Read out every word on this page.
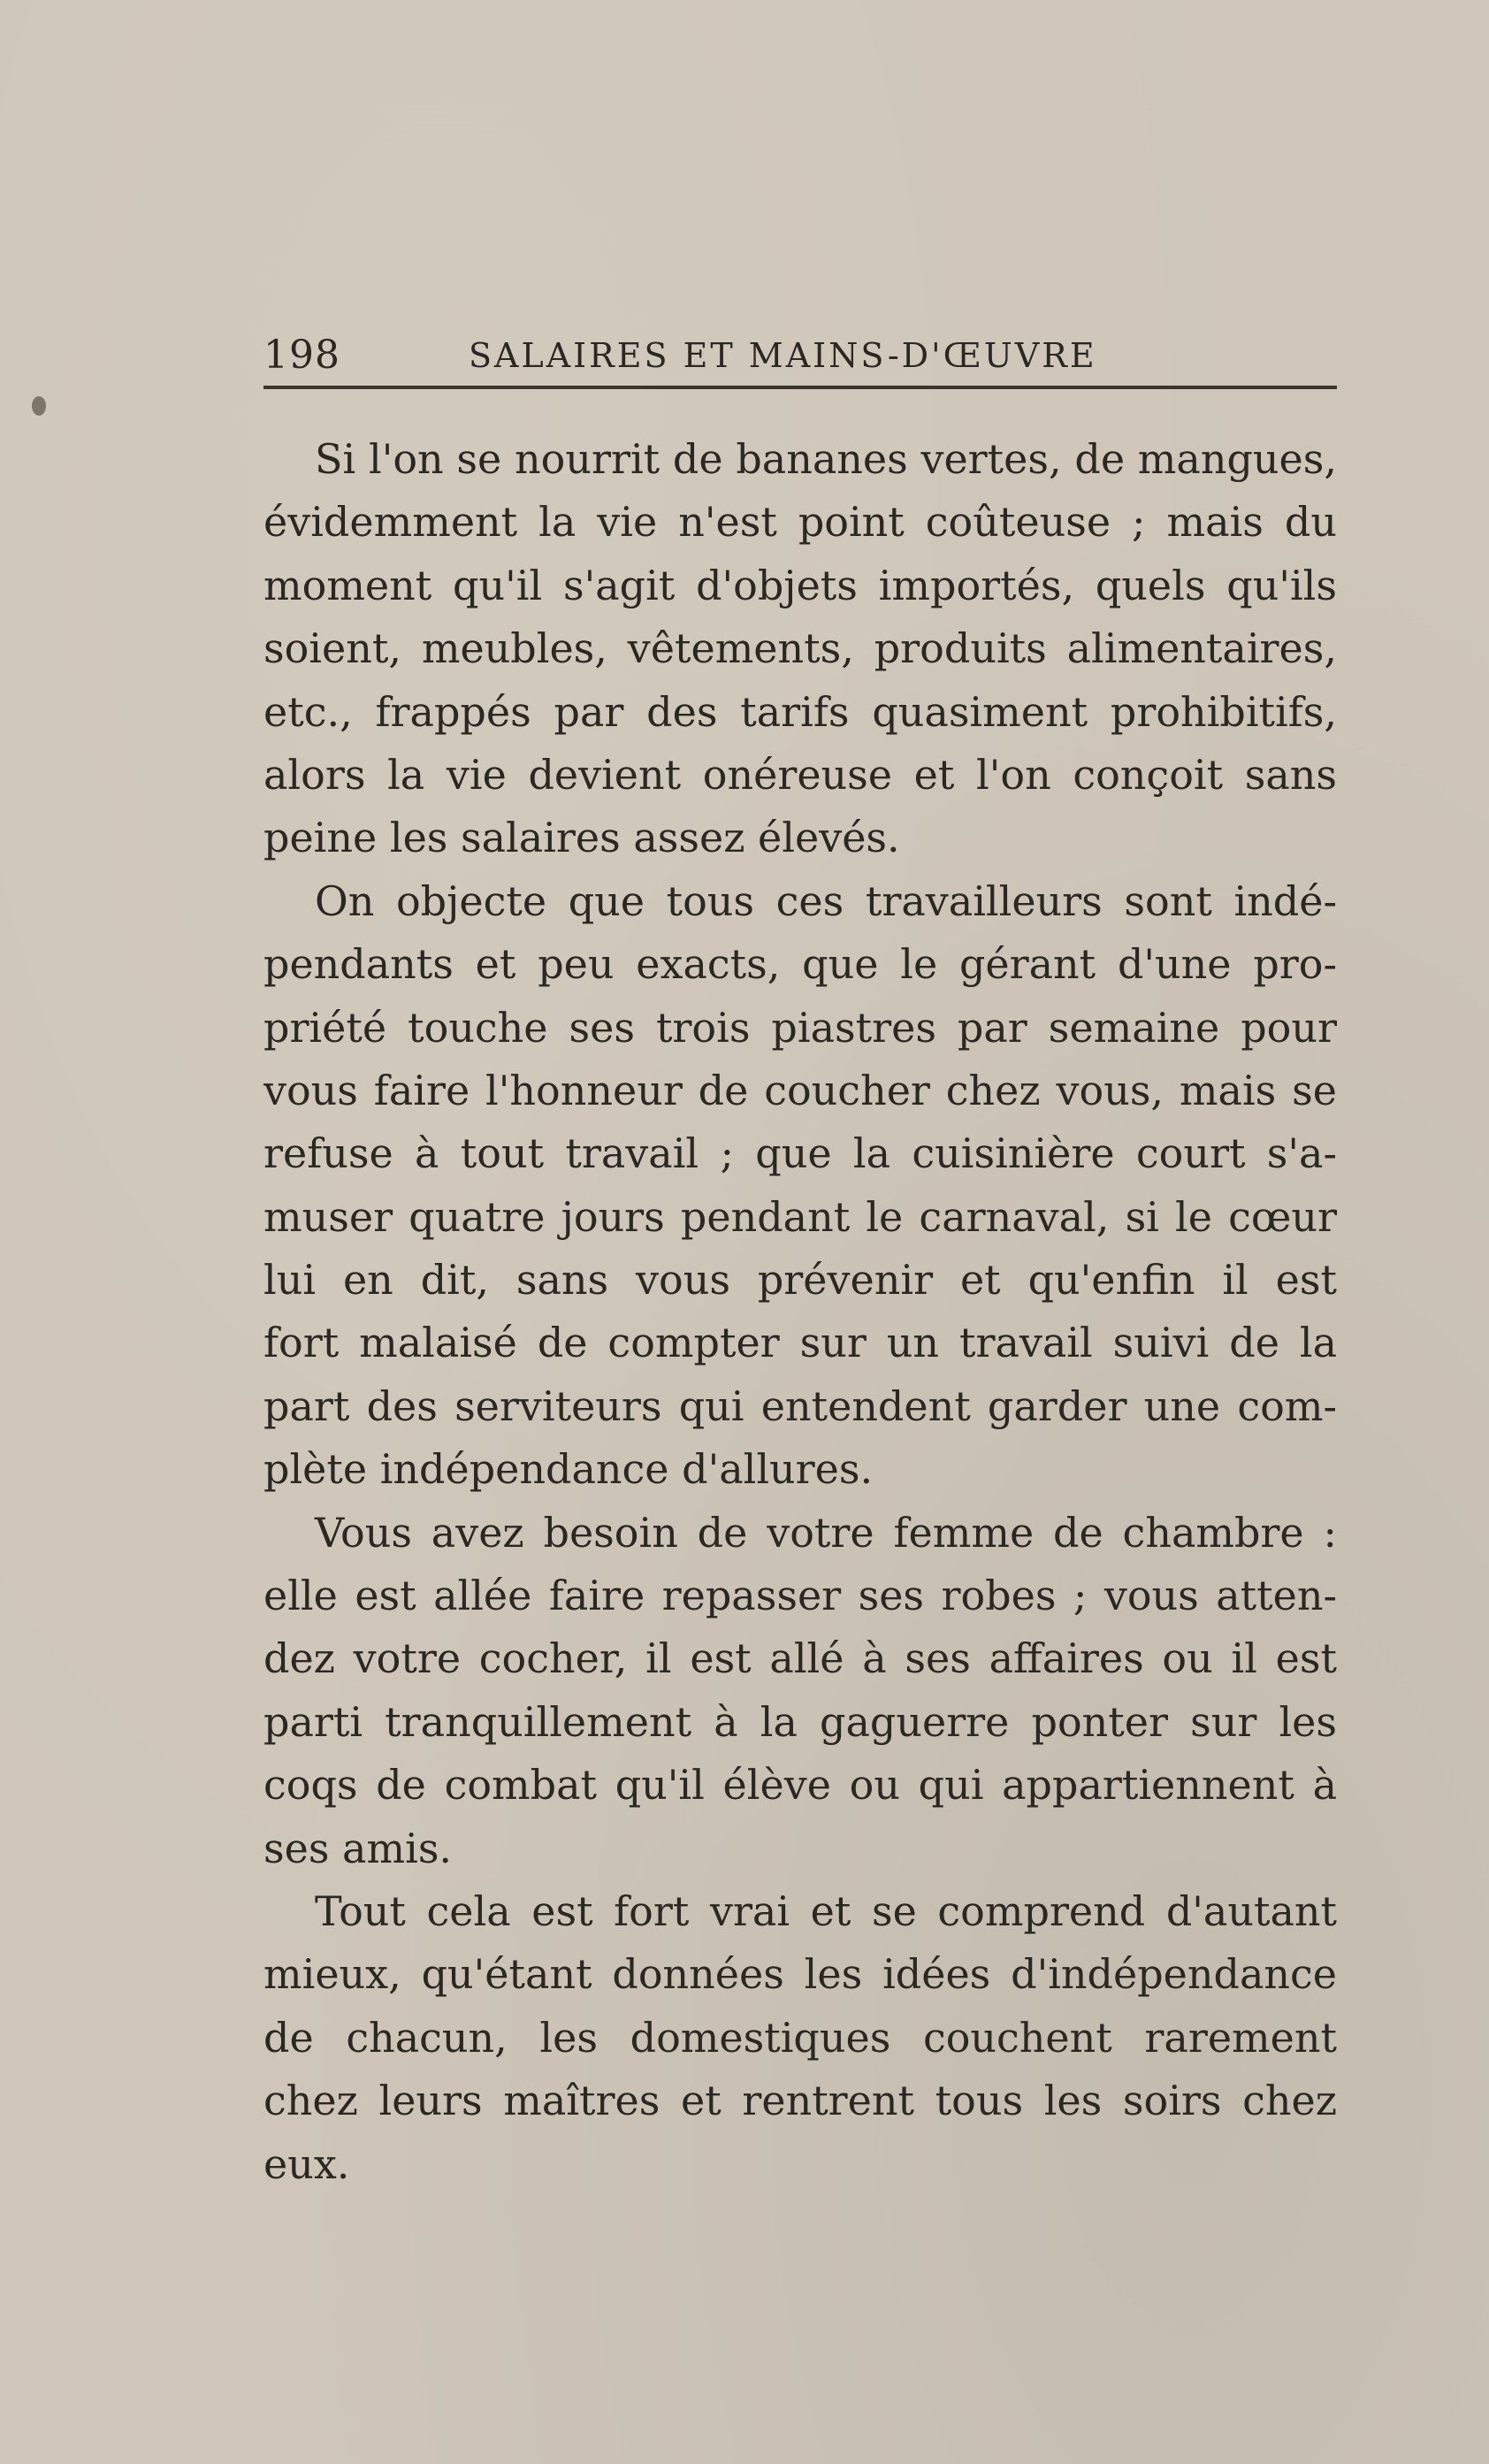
198	SALAIRES ET MAINS-D'ŒUVRE
Si l'on se nourrit de bananes vertes, de mangues,
évidemment la vie n'est point coûteuse ; mais du
moment qu'il s'agit d'objets importés, quels qu'ils
soient, meubles, vêtements, produits alimentaires,
etc., frappés par des tarifs quasiment prohibitifs,
alors la vie devient onéreuse et l'on conçoit sans
peine les salaires assez élevés.
On objecte que tous ces travailleurs sont indé-
pendants et peu exacts, que le gérant d'une pro-
priété touche ses trois piastres par semaine pour
vous faire l'honneur de coucher chez vous, mais se
refuse à tout travail ; que la cuisinière court s'a-
muser quatre jours pendant le carnaval, si le cœur
lui en dit, sans vous prévenir et qu'enfin il est
fort malaisé de compter sur un travail suivi de la
part des serviteurs qui entendent garder une com-
plète indépendance d'allures.
Vous avez besoin de votre femme de chambre :
elle est allée faire repasser ses robes ; vous atten-
dez votre cocher, il est allé à ses affaires ou il est
parti tranquillement à la gaguerre ponter sur les
coqs de combat qu'il élève ou qui appartiennent à
ses amis.
Tout cela est fort vrai et se comprend d'autant
mieux, qu'étant données les idées d'indépendance
de chacun, les domestiques couchent rarement
chez leurs maîtres et rentrent tous les soirs chez
eux.
